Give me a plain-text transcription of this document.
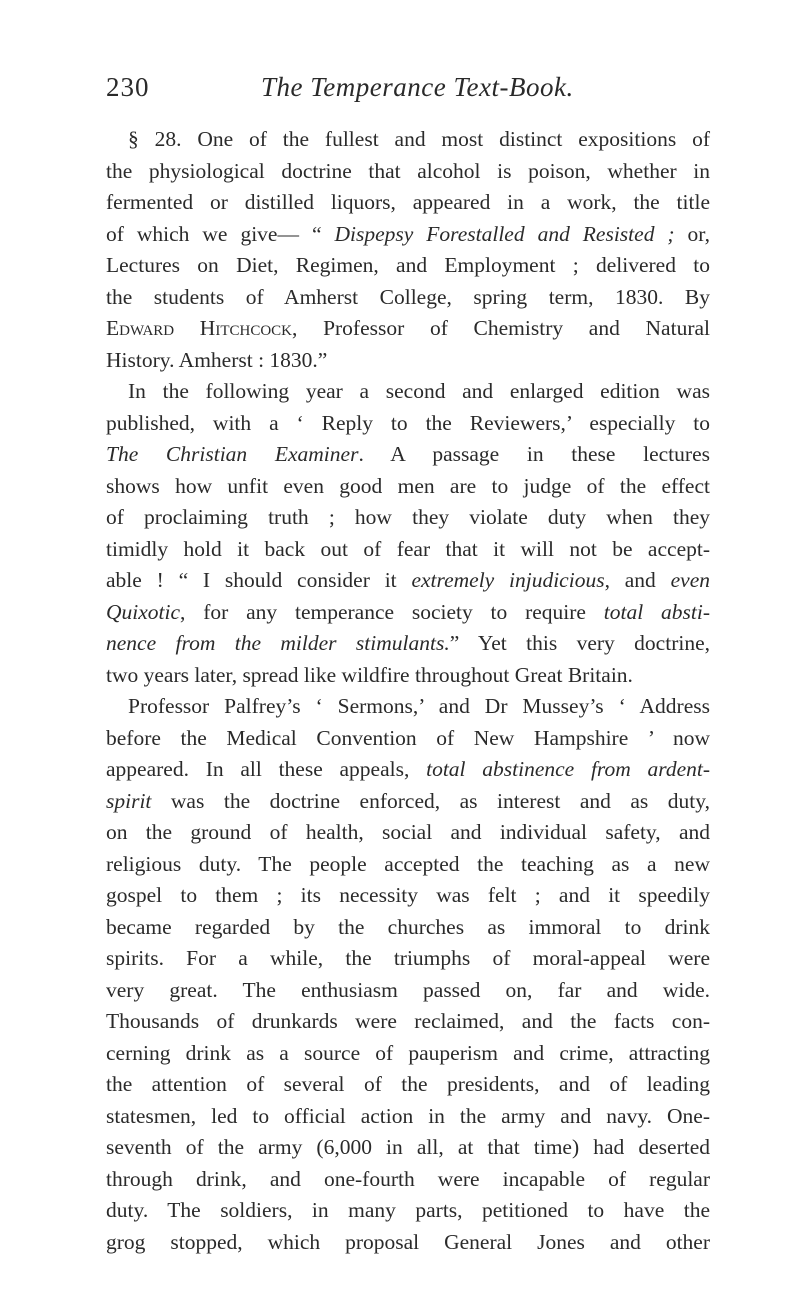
230	The Temperance Text-Book.
§ 28. One of the fullest and most distinct expositions of
the physiological doctrine that alcohol is poison, whether in
fermented or distilled liquors, appeared in a work, the title
of which we give— “ Dispepsy Forestalled and Resisted ; or,
Lectures on Diet, Regimen, and Employment ; delivered to
the students of Amherst College, spring term, 1830. By
Edward Hitchcock, Professor of Chemistry and Natural
History. Amherst : 1830.”
In the following year a second and enlarged edition was
published, with a ‘ Reply to the Reviewers,’ especially to
The Christian Examiner. A passage in these lectures
shows how unfit even good men are to judge of the effect
of proclaiming truth ; how they violate duty when they
timidly hold it back out of fear that it will not be accept-
able ! “ I should consider it extremely injudicious, and even
Quixotic, for any temperance society to require total absti-
nence from the milder stimulants.” Yet this very doctrine,
two years later, spread like wildfire throughout Great Britain.
Professor Palfrey’s ‘ Sermons,’ and Dr Mussey’s ‘ Address
before the Medical Convention of New Hampshire ’ now
appeared. In all these appeals, total abstinence from ardent-
spirit was the doctrine enforced, as interest and as duty,
on the ground of health, social and individual safety, and
religious duty. The people accepted the teaching as a new
gospel to them ; its necessity was felt ; and it speedily
became regarded by the churches as immoral to drink
spirits. For a while, the triumphs of moral-appeal were
very great. The enthusiasm passed on, far and wide.
Thousands of drunkards were reclaimed, and the facts con-
cerning drink as a source of pauperism and crime, attracting
the attention of several of the presidents, and of leading
statesmen, led to official action in the army and navy. One-
seventh of the army (6,000 in all, at that time) had deserted
through drink, and one-fourth were incapable of regular
duty. The soldiers, in many parts, petitioned to have the
grog stopped, which proposal General Jones and other
